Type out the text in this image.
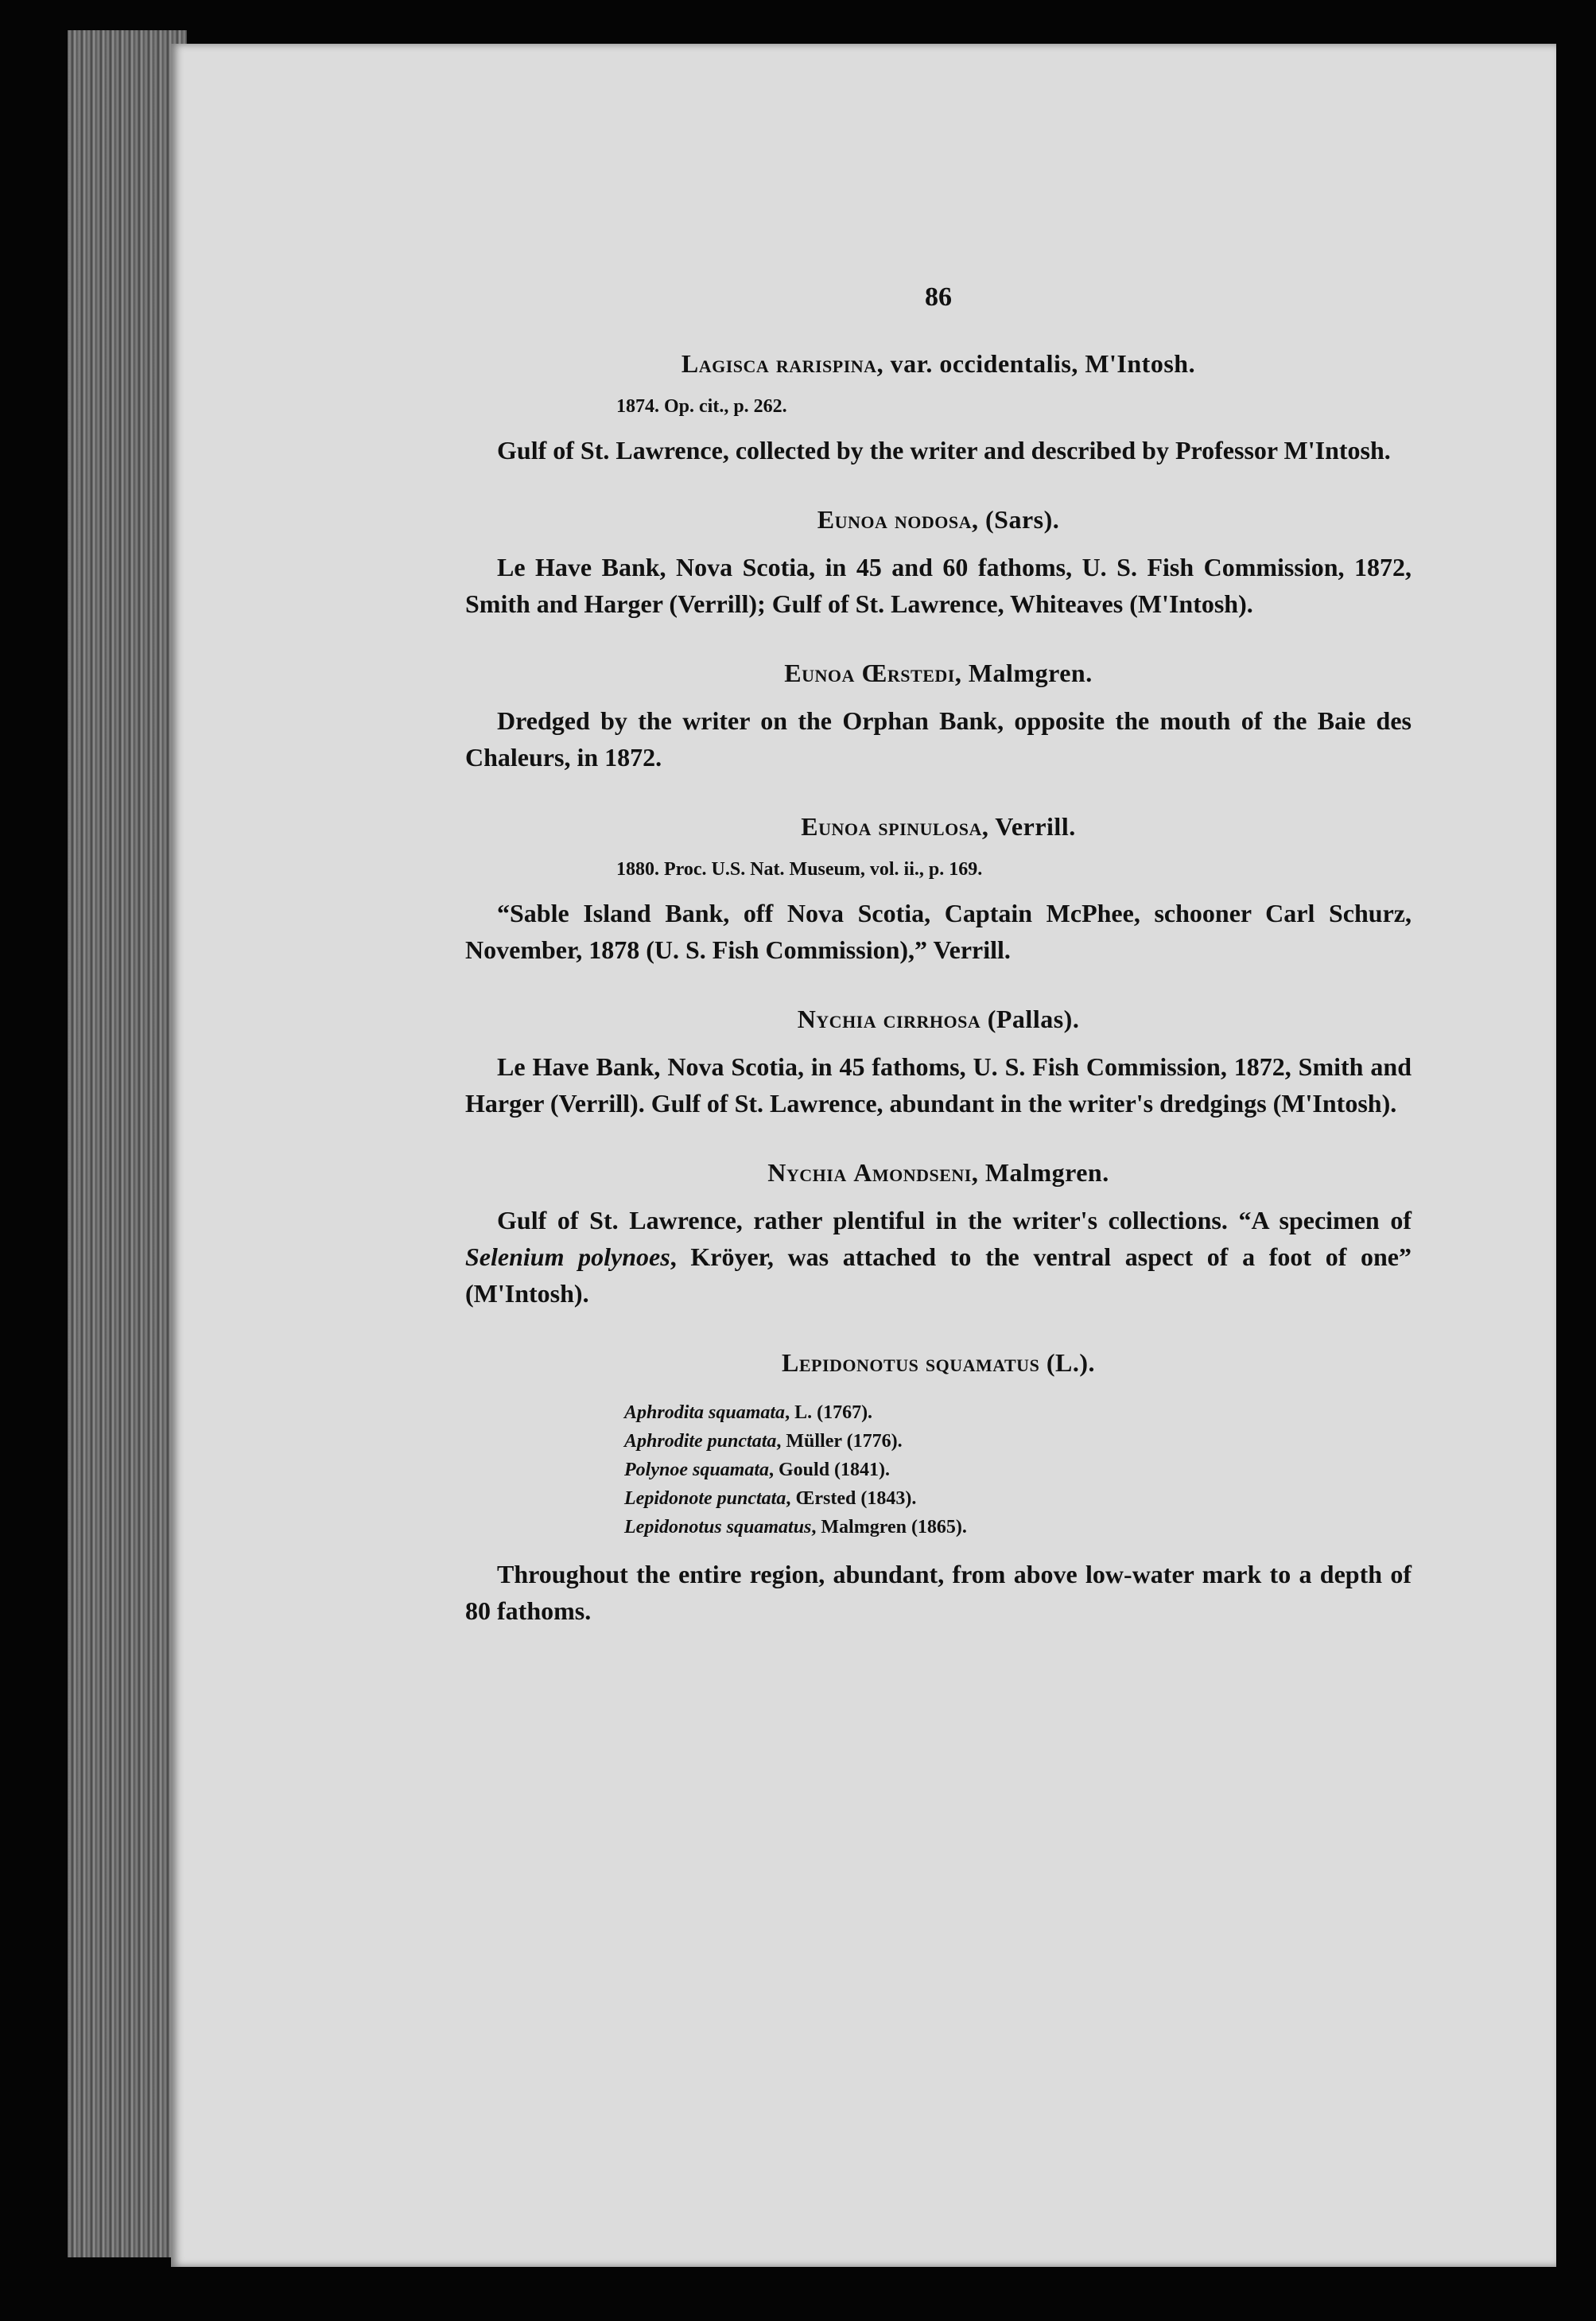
86

Lagisca rarispina, var. occidentalis, M'Intosh.

1874. Op. cit., p. 262.

Gulf of St. Lawrence, collected by the writer and described by Professor M'Intosh.

Eunoa nodosa, (Sars).

Le Have Bank, Nova Scotia, in 45 and 60 fathoms, U. S. Fish Commission, 1872, Smith and Harger (Verrill); Gulf of St. Lawrence, Whiteaves (M'Intosh).

Eunoa Œrstedi, Malmgren.

Dredged by the writer on the Orphan Bank, opposite the mouth of the Baie des Chaleurs, in 1872.

Eunoa spinulosa, Verrill.

1880. Proc. U.S. Nat. Museum, vol. ii., p. 169.

“Sable Island Bank, off Nova Scotia, Captain McPhee, schooner Carl Schurz, November, 1878 (U. S. Fish Commission),” Verrill.

Nychia cirrhosa (Pallas).

Le Have Bank, Nova Scotia, in 45 fathoms, U. S. Fish Commission, 1872, Smith and Harger (Verrill). Gulf of St. Lawrence, abundant in the writer's dredgings (M'Intosh).

Nychia Amondseni, Malmgren.

Gulf of St. Lawrence, rather plentiful in the writer's collections. “A specimen of Selenium polynoes, Kröyer, was attached to the ventral aspect of a foot of one” (M'Intosh).

Lepidonotus squamatus (L.).

Aphrodita squamata, L. (1767).
Aphrodite punctata, Müller (1776).
Polynoe squamata, Gould (1841).
Lepidonote punctata, Œrsted (1843).
Lepidonotus squamatus, Malmgren (1865).

Throughout the entire region, abundant, from above low-water mark to a depth of 80 fathoms.
